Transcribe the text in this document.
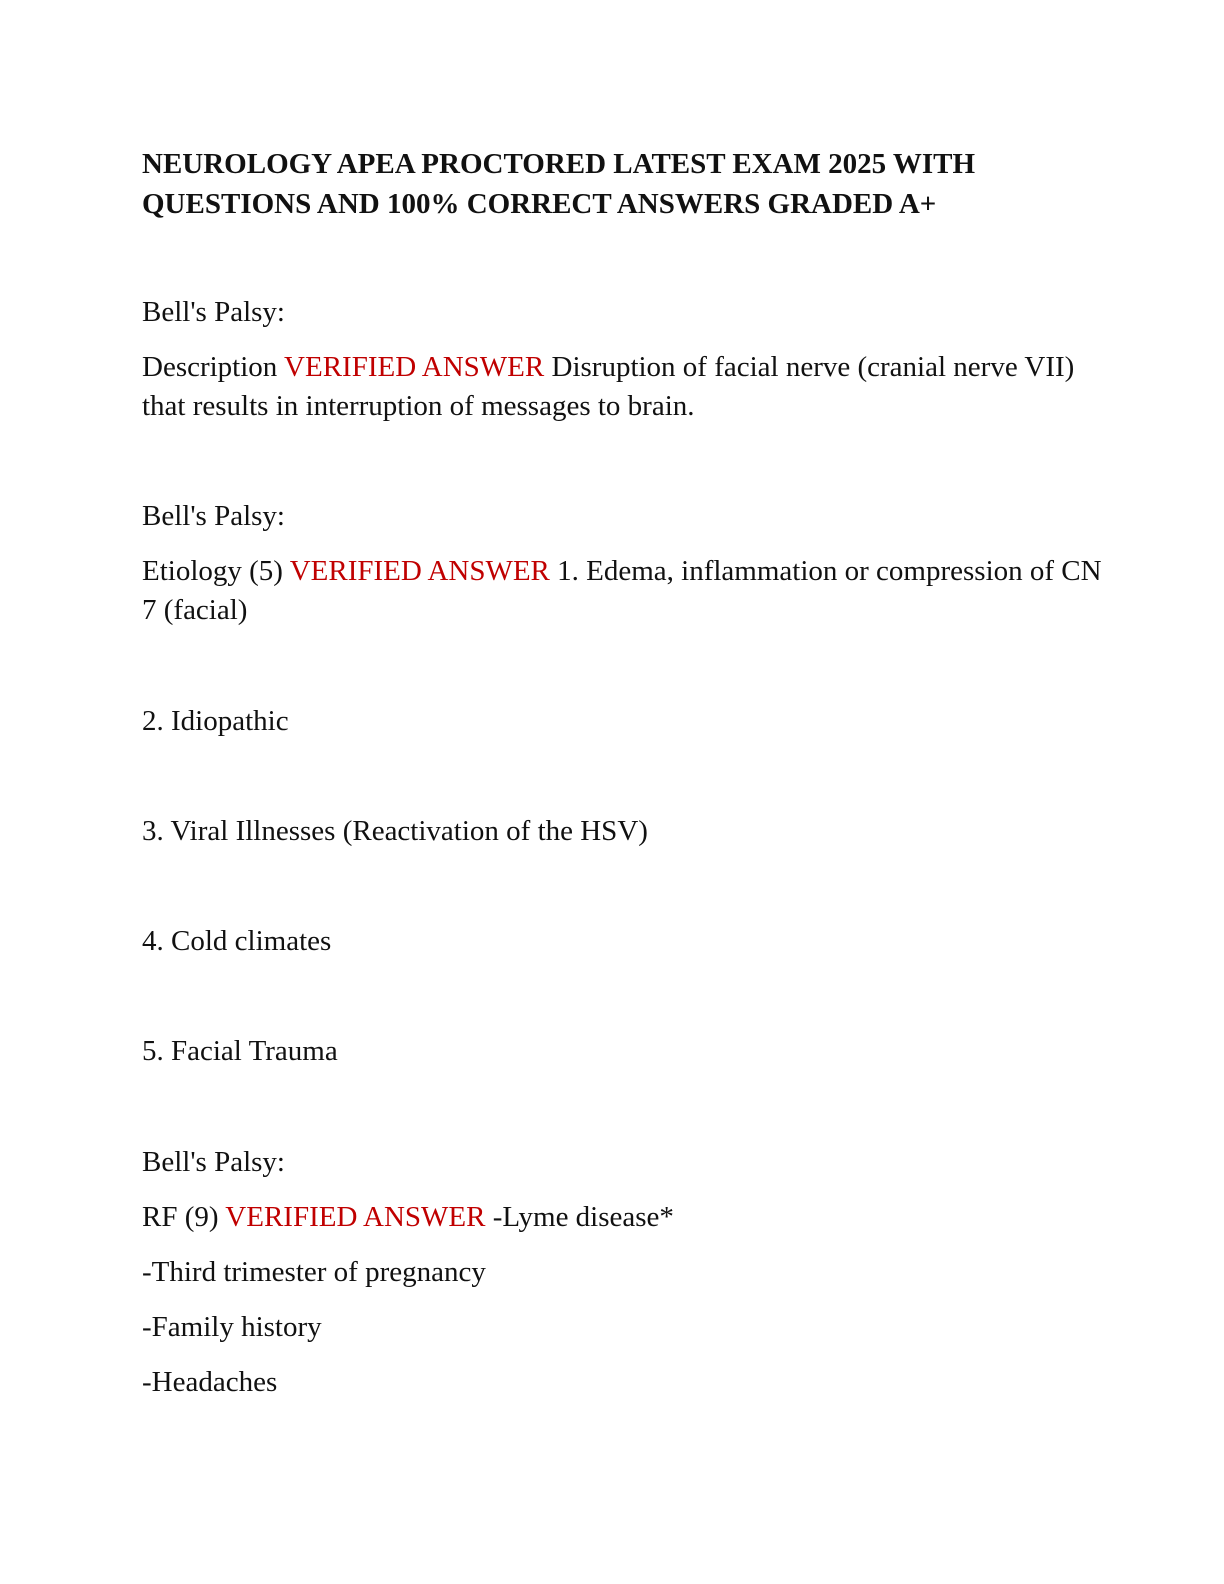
NEUROLOGY APEA PROCTORED LATEST EXAM 2025 WITH QUESTIONS AND 100% CORRECT ANSWERS GRADED A+

Bell's Palsy:

Description VERIFIED ANSWER Disruption of facial nerve (cranial nerve VII) that results in interruption of messages to brain.

Bell's Palsy:

Etiology (5) VERIFIED ANSWER 1. Edema, inflammation or compression of CN 7 (facial)

2. Idiopathic

3. Viral Illnesses (Reactivation of the HSV)

4. Cold climates

5. Facial Trauma

Bell's Palsy:

RF (9) VERIFIED ANSWER -Lyme disease*

-Third trimester of pregnancy

-Family history

-Headaches
